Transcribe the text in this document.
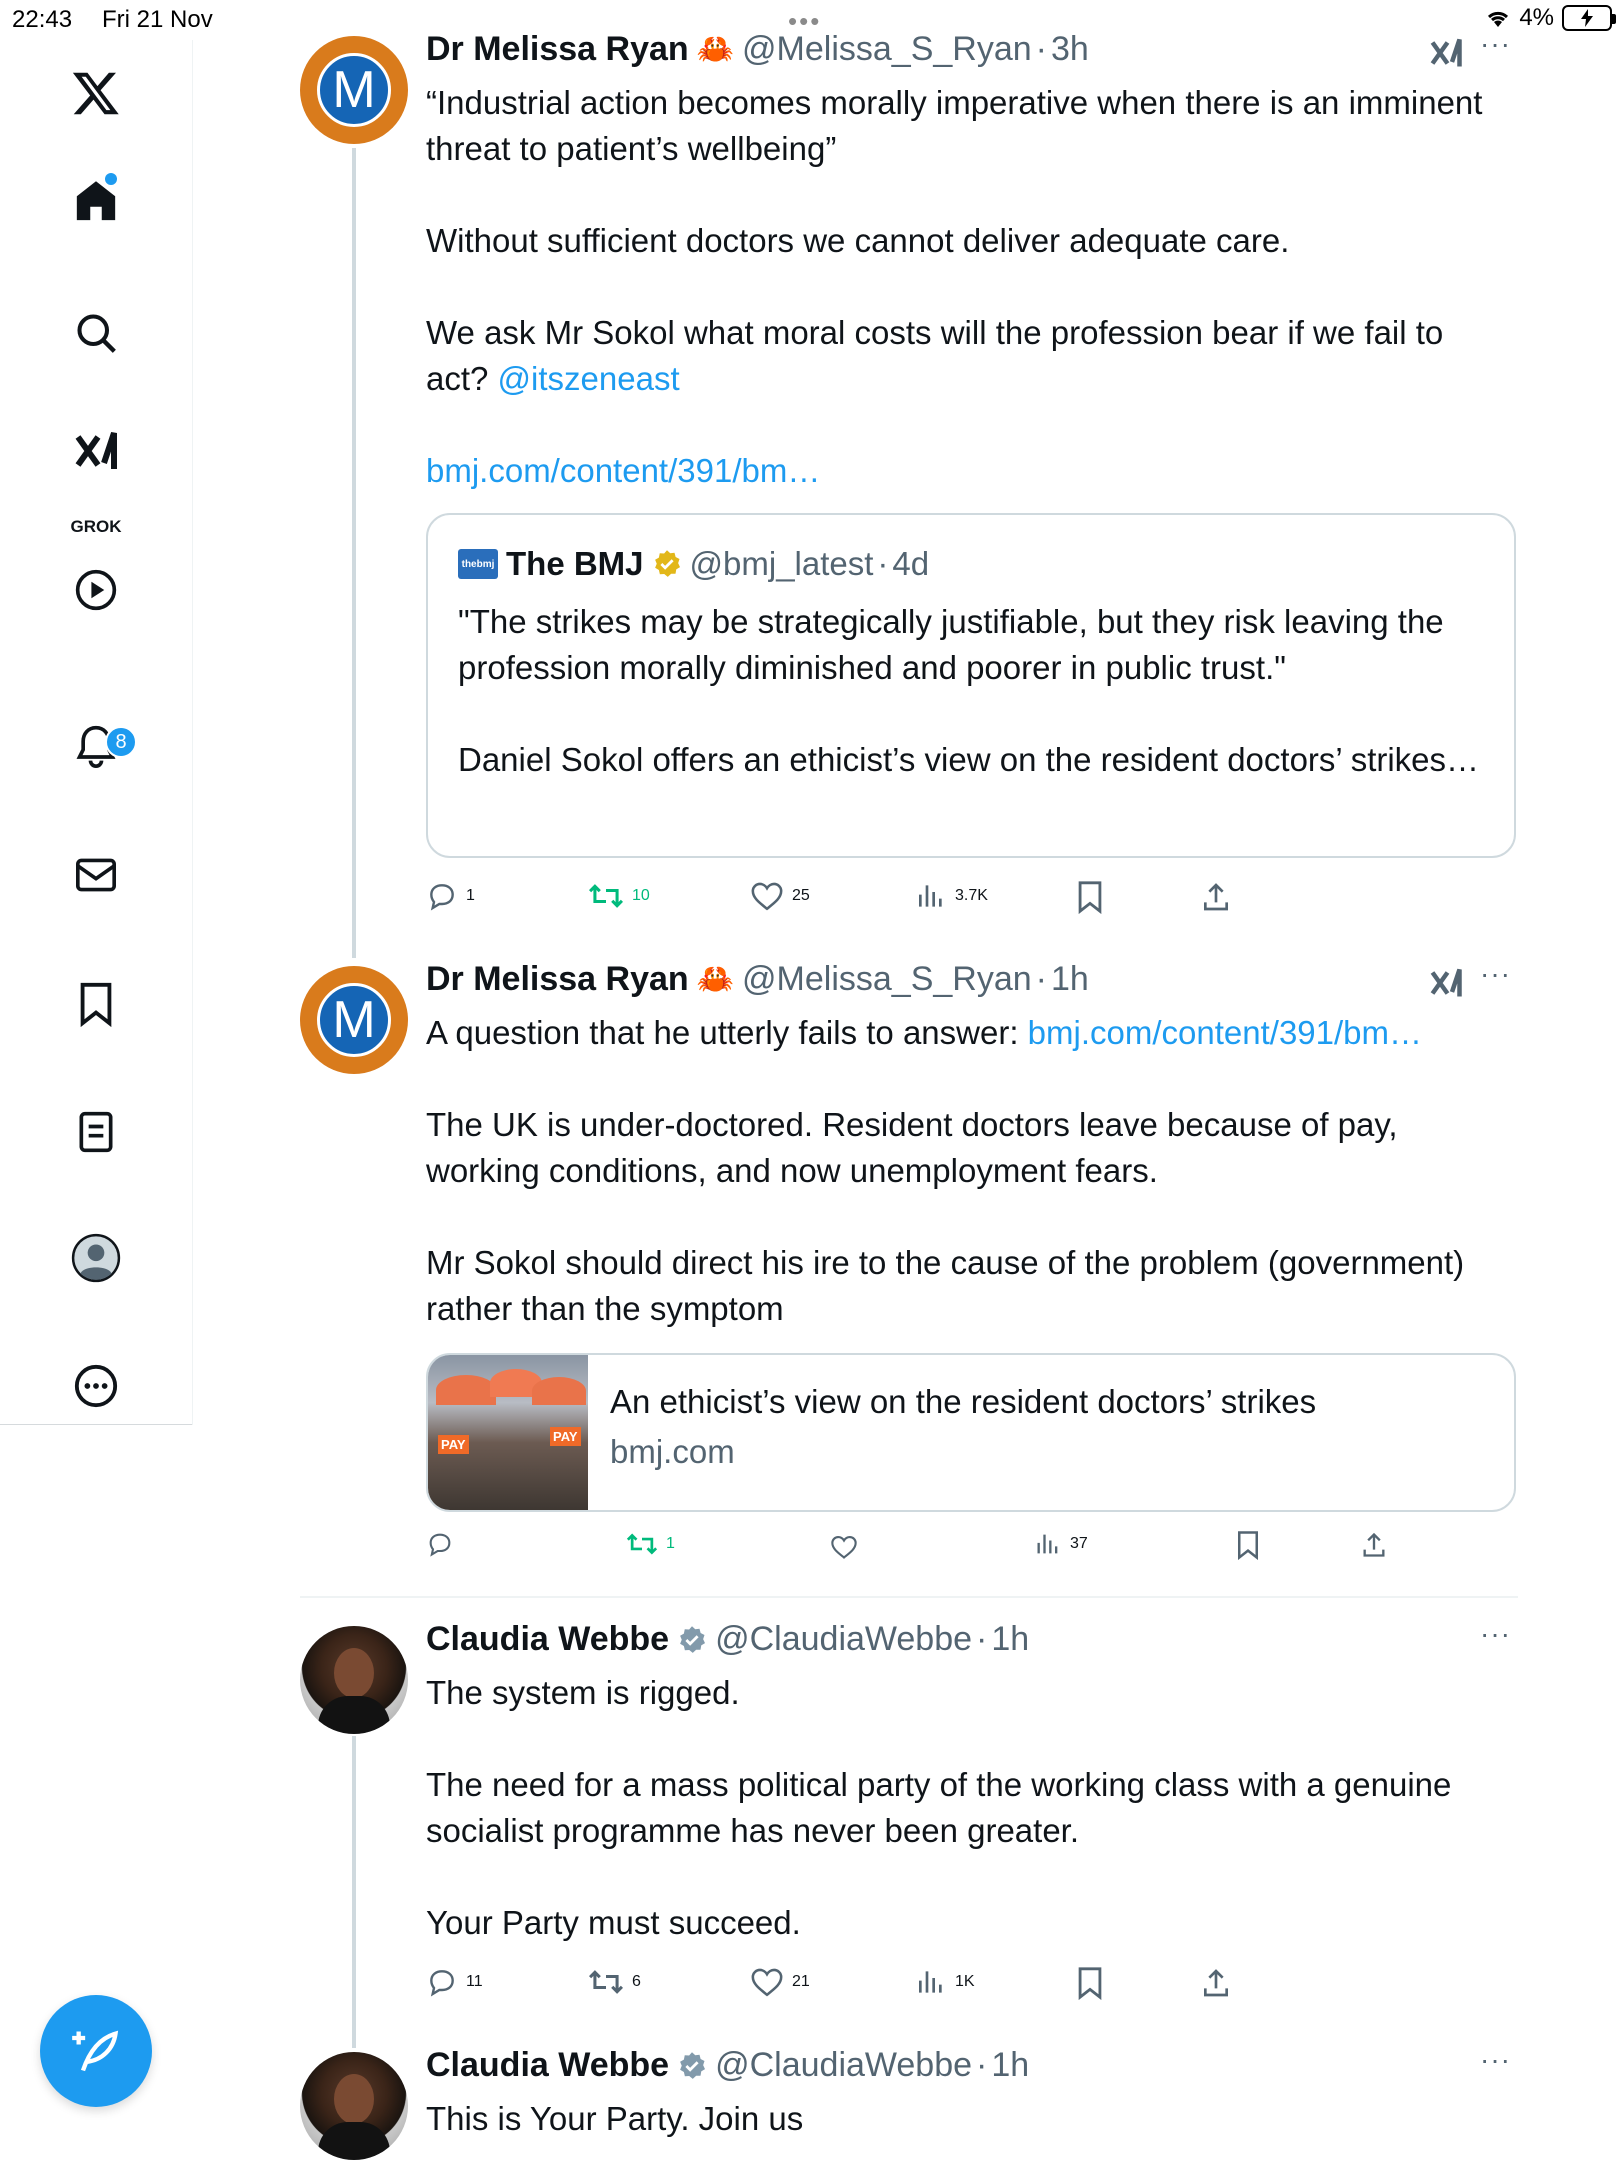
22:43 Fri 21 Nov	•••	4%
GROK
8
M
Dr Melissa Ryan 🦀 @Melissa_S_Ryan · 3h	···
“Industrial action becomes morally imperative when there is an imminent threat to patient’s wellbeing”

Without sufficient doctors we cannot deliver adequate care.

We ask Mr Sokol what moral costs will the profession bear if we fail to act? @itszeneast

bmj.com/content/391/bm…
thebmj The BMJ @bmj_latest · 4d
"The strikes may be strategically justifiable, but they risk leaving the profession morally diminished and poorer in public trust."

Daniel Sokol offers an ethicist’s view on the resident doctors’ strikes…
1	10	25	3.7K
M
Dr Melissa Ryan 🦀 @Melissa_S_Ryan · 1h	···
A question that he utterly fails to answer: bmj.com/content/391/bm…

The UK is under-doctored. Resident doctors leave because of pay, working conditions, and now unemployment fears.

Mr Sokol should direct his ire to the cause of the problem (government) rather than the symptom
PAY
PAY
An ethicist’s view on the resident doctors’ strikes
bmj.com
1	37
Claudia Webbe @ClaudiaWebbe · 1h	···
The system is rigged.

The need for a mass political party of the working class with a genuine socialist programme has never been greater.

Your Party must succeed.
11	6	21	1K
Claudia Webbe @ClaudiaWebbe · 1h	···
This is Your Party. Join us
